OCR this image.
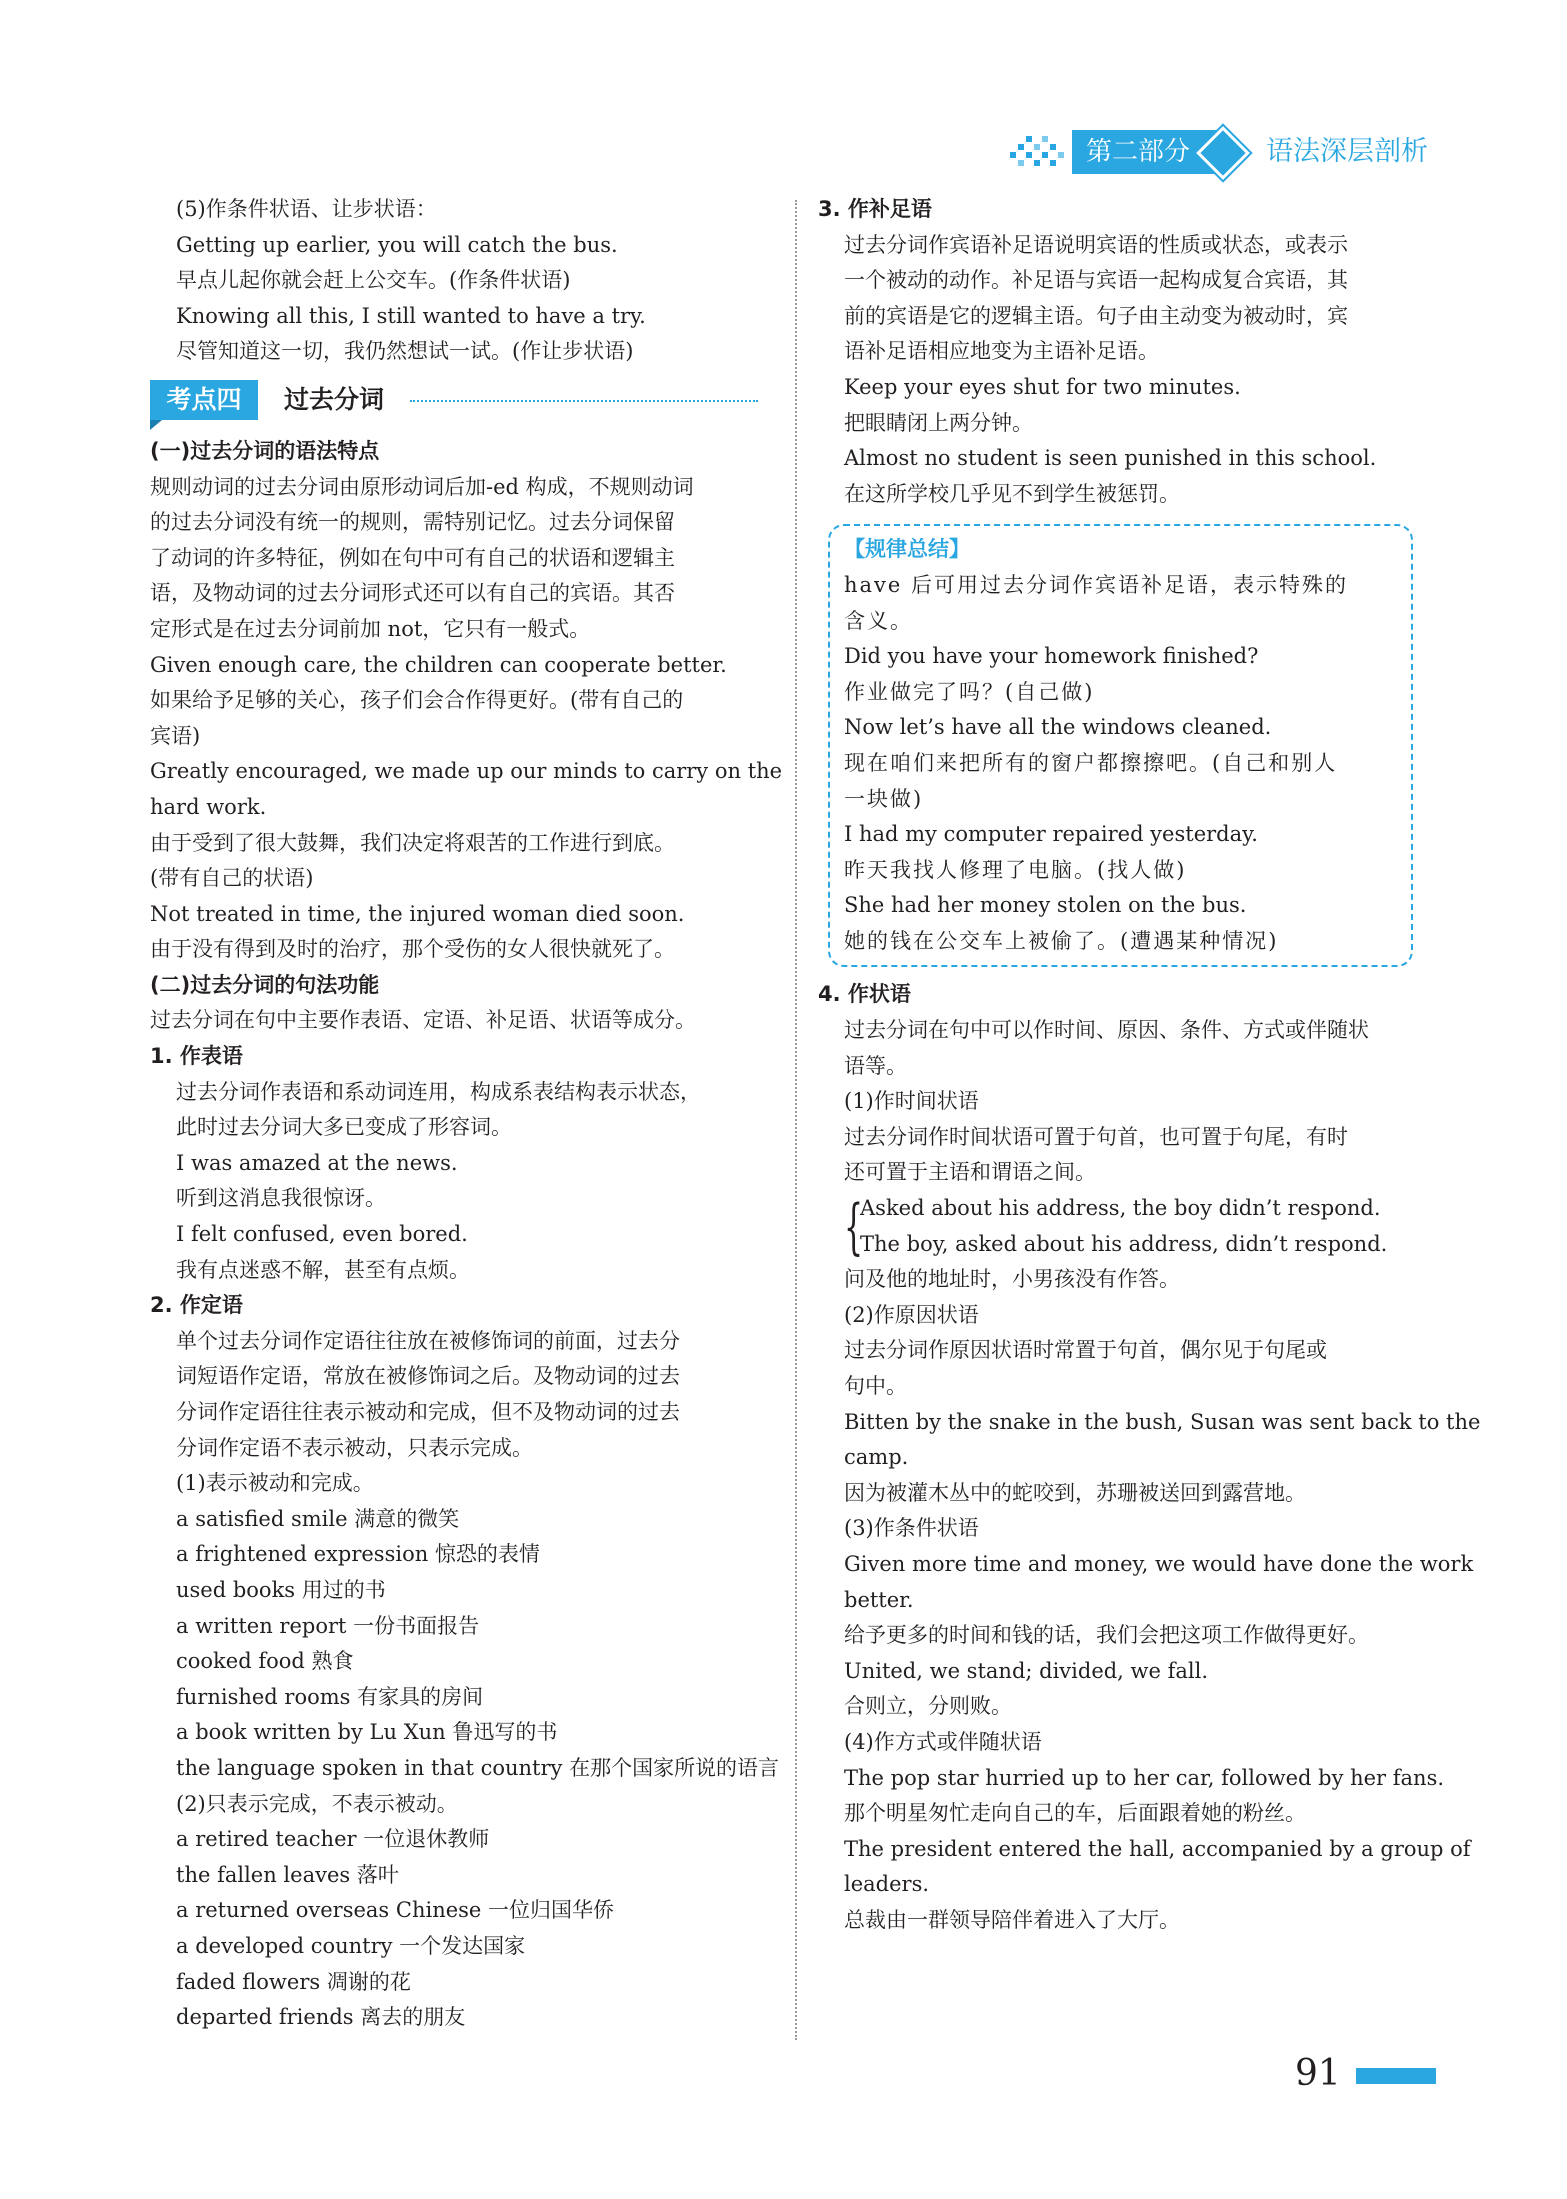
第二部分	语法深层剖析

(5)作条件状语、让步状语：

Getting up earlier, you will catch the bus.

早点儿起你就会赶上公交车。(作条件状语)

Knowing all this, I still wanted to have a try.

尽管知道这一切，我仍然想试一试。(作让步状语)

考点四	过去分词

(一)过去分词的语法特点

规则动词的过去分词由原形动词后加-ed 构成，不规则动词

的过去分词没有统一的规则，需特别记忆。过去分词保留

了动词的许多特征，例如在句中可有自己的状语和逻辑主

语，及物动词的过去分词形式还可以有自己的宾语。其否

定形式是在过去分词前加 not，它只有一般式。

Given enough care, the children can cooperate better.

如果给予足够的关心，孩子们会合作得更好。(带有自己的

宾语)

Greatly encouraged, we made up our minds to carry on the

hard work.

由于受到了很大鼓舞，我们决定将艰苦的工作进行到底。

(带有自己的状语)

Not treated in time, the injured woman died soon.

由于没有得到及时的治疗，那个受伤的女人很快就死了。

(二)过去分词的句法功能

过去分词在句中主要作表语、定语、补足语、状语等成分。

1. 作表语

过去分词作表语和系动词连用，构成系表结构表示状态，

此时过去分词大多已变成了形容词。

I was amazed at the news.

听到这消息我很惊讶。

I felt confused, even bored.

我有点迷惑不解，甚至有点烦。

2. 作定语

单个过去分词作定语往往放在被修饰词的前面，过去分

词短语作定语，常放在被修饰词之后。及物动词的过去

分词作定语往往表示被动和完成，但不及物动词的过去

分词作定语不表示被动，只表示完成。

(1)表示被动和完成。

a satisfied smile 满意的微笑

a frightened expression 惊恐的表情

used books 用过的书

a written report 一份书面报告

cooked food 熟食

furnished rooms 有家具的房间

a book written by Lu Xun 鲁迅写的书

the language spoken in that country 在那个国家所说的语言

(2)只表示完成，不表示被动。

a retired teacher 一位退休教师

the fallen leaves 落叶

a returned overseas Chinese 一位归国华侨

a developed country 一个发达国家

faded flowers 凋谢的花

departed friends 离去的朋友

3. 作补足语

过去分词作宾语补足语说明宾语的性质或状态，或表示

一个被动的动作。补足语与宾语一起构成复合宾语，其

前的宾语是它的逻辑主语。句子由主动变为被动时，宾

语补足语相应地变为主语补足语。

Keep your eyes shut for two minutes.

把眼睛闭上两分钟。

Almost no student is seen punished in this school.

在这所学校几乎见不到学生被惩罚。

【规律总结】

have 后可用过去分词作宾语补足语，表示特殊的

含义。

Did you have your homework finished?

作业做完了吗？(自己做)

Now let’s have all the windows cleaned.

现在咱们来把所有的窗户都擦擦吧。(自己和别人

一块做)

I had my computer repaired yesterday.

昨天我找人修理了电脑。(找人做)

She had her money stolen on the bus.

她的钱在公交车上被偷了。(遭遇某种情况)

4. 作状语

过去分词在句中可以作时间、原因、条件、方式或伴随状

语等。

(1)作时间状语

过去分词作时间状语可置于句首，也可置于句尾，有时

还可置于主语和谓语之间。

{

Asked about his address, the boy didn’t respond.

The boy, asked about his address, didn’t respond.

问及他的地址时，小男孩没有作答。

(2)作原因状语

过去分词作原因状语时常置于句首，偶尔见于句尾或

句中。

Bitten by the snake in the bush, Susan was sent back to the

camp.

因为被灌木丛中的蛇咬到，苏珊被送回到露营地。

(3)作条件状语

Given more time and money, we would have done the work

better.

给予更多的时间和钱的话，我们会把这项工作做得更好。

United, we stand; divided, we fall.

合则立，分则败。

(4)作方式或伴随状语

The pop star hurried up to her car, followed by her fans.

那个明星匆忙走向自己的车，后面跟着她的粉丝。

The president entered the hall, accompanied by a group of

leaders.

总裁由一群领导陪伴着进入了大厅。

91
